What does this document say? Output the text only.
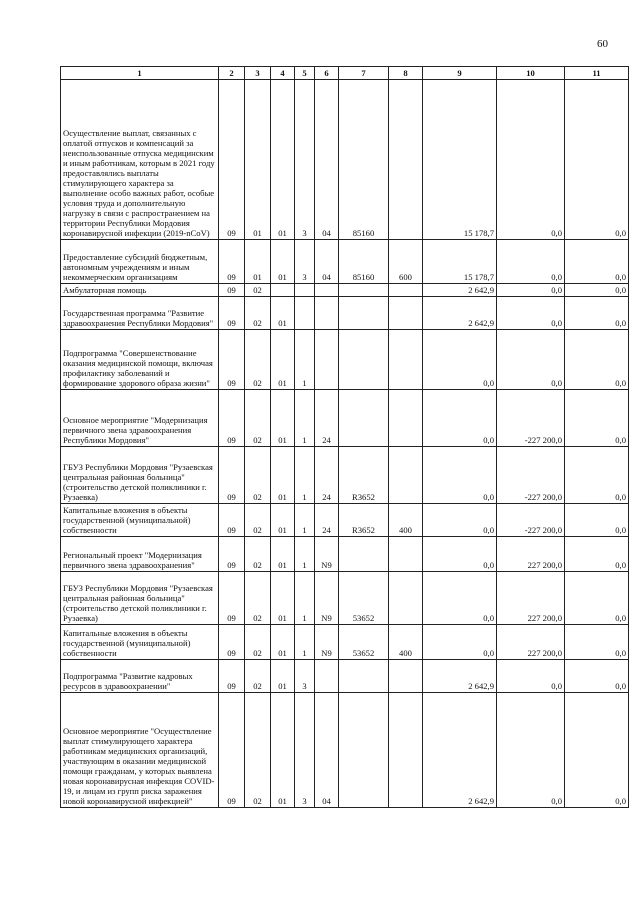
60
1	2	3	4	5	6	7	8	9	10	11
Осуществление выплат, связанных с оплатой отпусков и компенсаций за неиспользованные отпуска медицинским и иным работникам, которым в 2021 году предоставлялись выплаты стимулирующего характера за выполнение особо важных работ, особые условия труда и дополнительную нагрузку в связи с распространением на территории Республики Мордовия коронавирусной инфекции (2019-nCoV)	09	01	01	3	04	85160		15 178,7	0,0	0,0
Предоставление субсидий бюджетным, автономным учреждениям и иным некоммерческим организациям	09	01	01	3	04	85160	600	15 178,7	0,0	0,0
Амбулаторная помощь	09	02						2 642,9	0,0	0,0
Государственная программа "Развитие здравоохранения Республики Мордовия"	09	02	01					2 642,9	0,0	0,0
Подпрограмма "Совершенствование оказания медицинской помощи, включая профилактику заболеваний и формирование здорового образа жизни"	09	02	01	1				0,0	0,0	0,0
Основное мероприятие "Модернизация первичного звена здравоохранения Республики Мордовия"	09	02	01	1	24			0,0	-227 200,0	0,0
ГБУЗ Республики Мордовия "Рузаевская центральная районная больница" (строительство детской поликлиники г. Рузаевка)	09	02	01	1	24	R3652		0,0	-227 200,0	0,0
Капитальные вложения в объекты государственной (муниципальной) собственности	09	02	01	1	24	R3652	400	0,0	-227 200,0	0,0
Региональный проект "Модернизация первичного звена здравоохранения"	09	02	01	1	N9			0,0	227 200,0	0,0
ГБУЗ Республики Мордовия "Рузаевская центральная районная больница" (строительство детской поликлиники г. Рузаевка)	09	02	01	1	N9	53652		0,0	227 200,0	0,0
Капитальные вложения в объекты государственной (муниципальной) собственности	09	02	01	1	N9	53652	400	0,0	227 200,0	0,0
Подпрограмма "Развитие кадровых ресурсов в здравоохранении"	09	02	01	3				2 642,9	0,0	0,0
Основное мероприятие "Осуществление выплат стимулирующего характера работникам медицинских организаций, участвующим в оказании медицинской помощи гражданам, у которых выявлена новая коронавирусная инфекция COVID-19, и лицам из групп риска заражения новой коронавирусной инфекцией"	09	02	01	3	04			2 642,9	0,0	0,0
